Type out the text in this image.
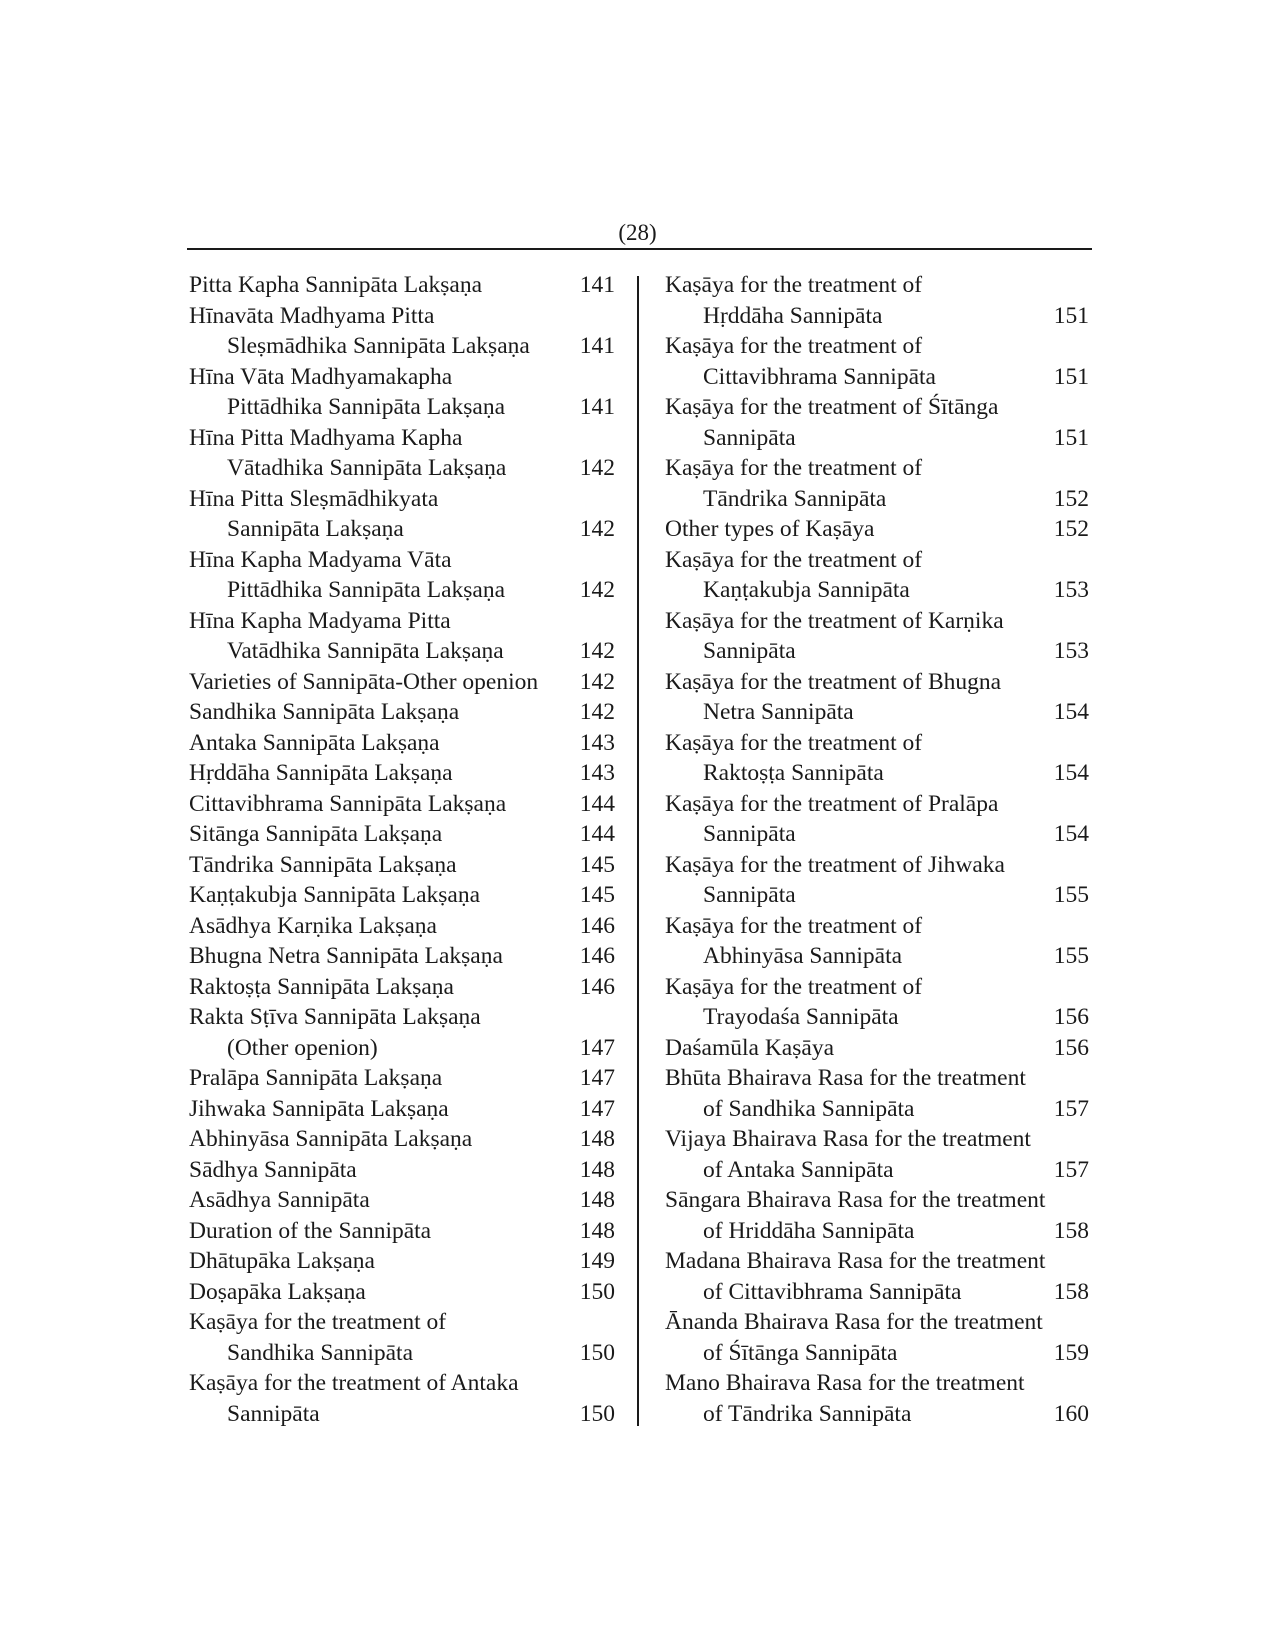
(28)
Pitta Kapha Sannipāta Lakṣaṇa	141
Hīnavāta Madhyama Pitta
Sleṣmādhika Sannipāta Lakṣaṇa 141
Hīna Vāta Madhyamakapha
Pittādhika Sannipāta Lakṣaṇa	141
Hīna Pitta Madhyama Kapha
Vātadhika Sannipāta Lakṣaṇa	142
Hīna Pitta Sleṣmādhikyata
Sannipāta Lakṣaṇa	142
Hīna Kapha Madyama Vāta
Pittādhika Sannipāta Lakṣaṇa	142
Hīna Kapha Madyama Pitta
Vatādhika Sannipāta Lakṣaṇa	142
Varieties of Sannipāta-Other openion 142
Sandhika Sannipāta Lakṣaṇa	142
Antaka Sannipāta Lakṣaṇa	143
Hṛddāha Sannipāta Lakṣaṇa	143
Cittavibhrama Sannipāta Lakṣaṇa	144
Sitānga Sannipāta Lakṣaṇa	144
Tāndrika Sannipāta Lakṣaṇa	145
Kaṇṭakubja Sannipāta Lakṣaṇa	145
Asādhya Karṇika Lakṣaṇa	146
Bhugna Netra Sannipāta Lakṣaṇa	146
Raktoṣṭa Sannipāta Lakṣaṇa	146
Rakta Sṭīva Sannipāta Lakṣaṇa
(Other openion)	147
Pralāpa Sannipāta Lakṣaṇa	147
Jihwaka Sannipāta Lakṣaṇa	147
Abhinyāsa Sannipāta Lakṣaṇa	148
Sādhya Sannipāta	148
Asādhya Sannipāta	148
Duration of the Sannipāta	148
Dhātupāka Lakṣaṇa	149
Doṣapāka Lakṣaṇa	150
Kaṣāya for the treatment of
Sandhika Sannipāta	150
Kaṣāya for the treatment of Antaka
Sannipāta	150
Kaṣāya for the treatment of
Hṛddāha Sannipāta	151
Kaṣāya for the treatment of
Cittavibhrama Sannipāta	151
Kaṣāya for the treatment of Śītānga
Sannipāta	151
Kaṣāya for the treatment of
Tāndrika Sannipāta	152
Other types of Kaṣāya	152
Kaṣāya for the treatment of
Kaṇṭakubja Sannipāta	153
Kaṣāya for the treatment of Karṇika
Sannipāta	153
Kaṣāya for the treatment of Bhugna
Netra Sannipāta	154
Kaṣāya for the treatment of
Raktoṣṭa Sannipāta	154
Kaṣāya for the treatment of Pralāpa
Sannipāta	154
Kaṣāya for the treatment of Jihwaka
Sannipāta	155
Kaṣāya for the treatment of
Abhinyāsa Sannipāta	155
Kaṣāya for the treatment of
Trayodaśa Sannipāta	156
Daśamūla Kaṣāya	156
Bhūta Bhairava Rasa for the treatment
of Sandhika Sannipāta	157
Vijaya Bhairava Rasa for the treatment
of Antaka Sannipāta	157
Sāngara Bhairava Rasa for the treatment
of Hriddāha Sannipāta	158
Madana Bhairava Rasa for the treatment
of Cittavibhrama Sannipāta	158
Ānanda Bhairava Rasa for the treatment
of Śītānga Sannipāta	159
Mano Bhairava Rasa for the treatment
of Tāndrika Sannipāta	160
